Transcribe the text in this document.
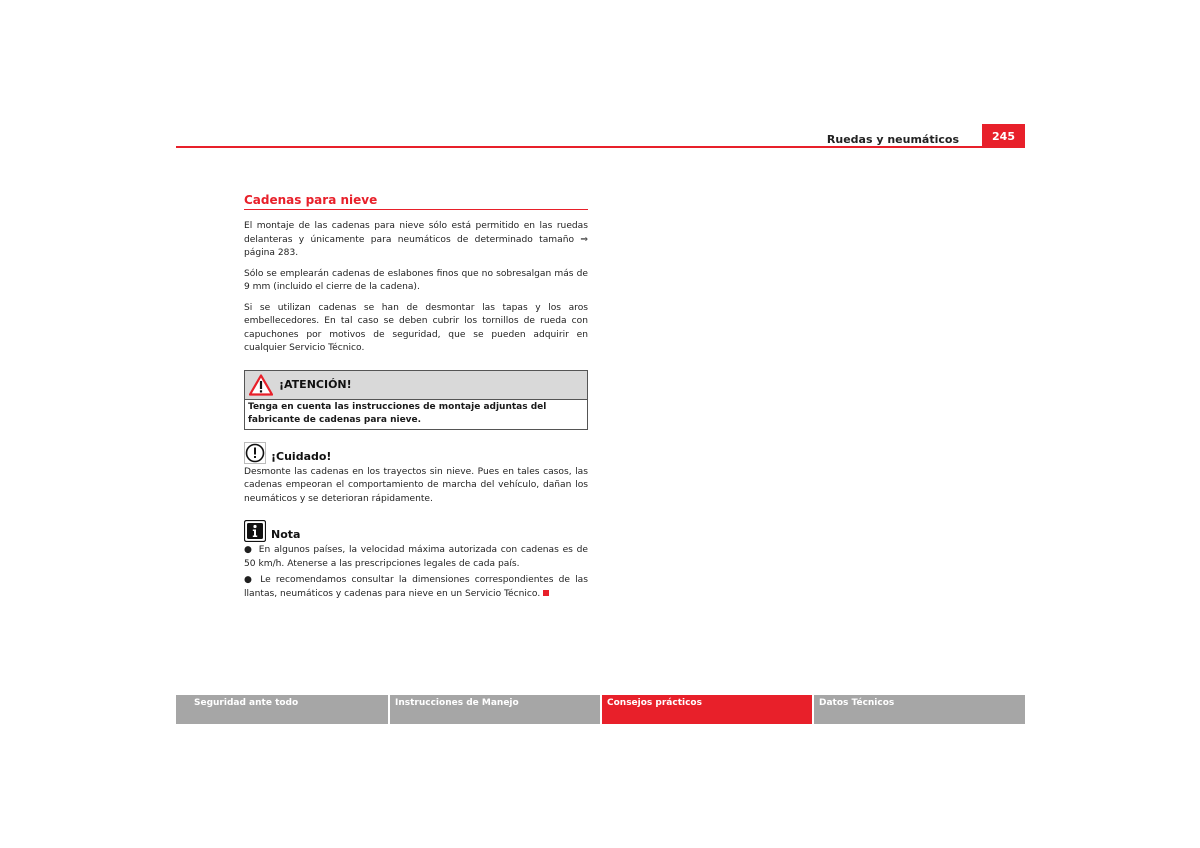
Ruedas y neumáticos	245
Cadenas para nieve

El montaje de las cadenas para nieve sólo está permitido en las ruedas delanteras y únicamente para neumáticos de determinado tamaño ⇒ página 283.

Sólo se emplearán cadenas de eslabones finos que no sobresalgan más de 9 mm (incluido el cierre de la cadena).

Si se utilizan cadenas se han de desmontar las tapas y los aros embellecedores. En tal caso se deben cubrir los tornillos de rueda con capuchones por motivos de seguridad, que se pueden adquirir en cualquier Servicio Técnico.

¡ATENCIÓN!
Tenga en cuenta las instrucciones de montaje adjuntas del fabricante de cadenas para nieve.
¡Cuidado!

Desmonte las cadenas en los trayectos sin nieve. Pues en tales casos, las cadenas empeoran el comportamiento de marcha del vehículo, dañan los neumáticos y se deterioran rápidamente.

Nota

● En algunos países, la velocidad máxima autorizada con cadenas es de 50 km/h. Atenerse a las prescripciones legales de cada país.

● Le recomendamos consultar la dimensiones correspondientes de las llantas, neumáticos y cadenas para nieve en un Servicio Técnico.

Seguridad ante todo	Instrucciones de Manejo	Consejos prácticos	Datos Técnicos
